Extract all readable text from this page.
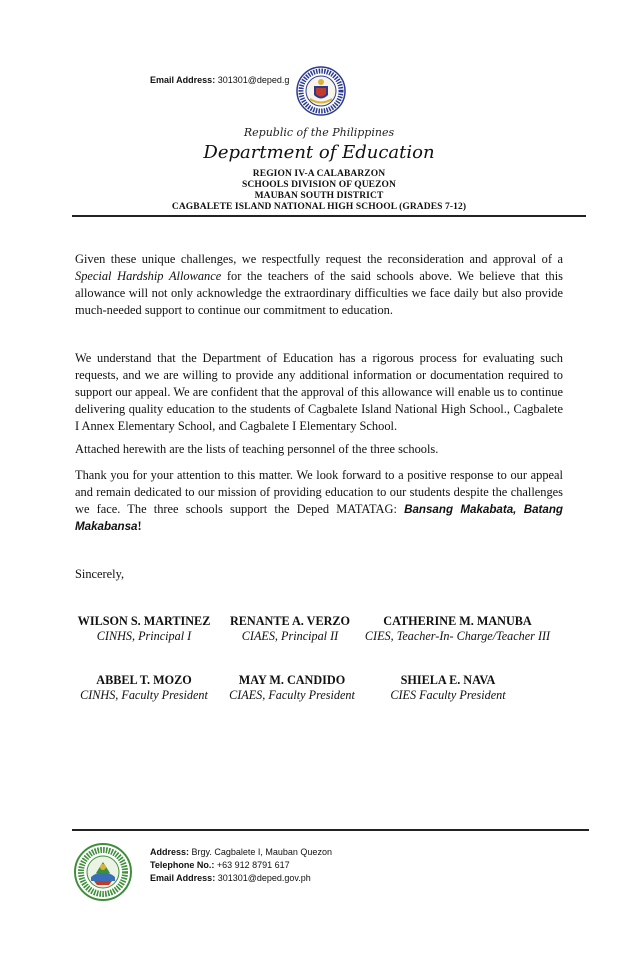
Email Address: 301301@deped.g
Republic of the Philippines
Department of Education
REGION IV-A CALABARZON
SCHOOLS DIVISION OF QUEZON
MAUBAN SOUTH DISTRICT
CAGBALETE ISLAND NATIONAL HIGH SCHOOL (GRADES 7-12)
Given these unique challenges, we respectfully request the reconsideration and approval of a Special Hardship Allowance for the teachers of the said schools above. We believe that this allowance will not only acknowledge the extraordinary difficulties we face daily but also provide much-needed support to continue our commitment to education.
We understand that the Department of Education has a rigorous process for evaluating such requests, and we are willing to provide any additional information or documentation required to support our appeal. We are confident that the approval of this allowance will enable us to continue delivering quality education to the students of Cagbalete Island National High School., Cagbalete I Annex Elementary School, and Cagbalete I Elementary School.
Attached herewith are the lists of teaching personnel of the three schools.
Thank you for your attention to this matter. We look forward to a positive response to our appeal and remain dedicated to our mission of providing education to our students despite the challenges we face. The three schools support the Deped MATATAG: Bansang Makabata, Batang Makabansa!
Sincerely,
WILSON S. MARTINEZ
CINHS, Principal I
RENANTE A. VERZO
CIAES, Principal II
CATHERINE M. MANUBA
CIES, Teacher-In- Charge/Teacher III
ABBEL T. MOZO
CINHS, Faculty President
MAY M. CANDIDO
CIAES, Faculty President
SHIELA E. NAVA
CIES Faculty President
Address: Brgy. Cagbalete I, Mauban Quezon
Telephone No.: +63 912 8791 617
Email Address: 301301@deped.gov.ph
